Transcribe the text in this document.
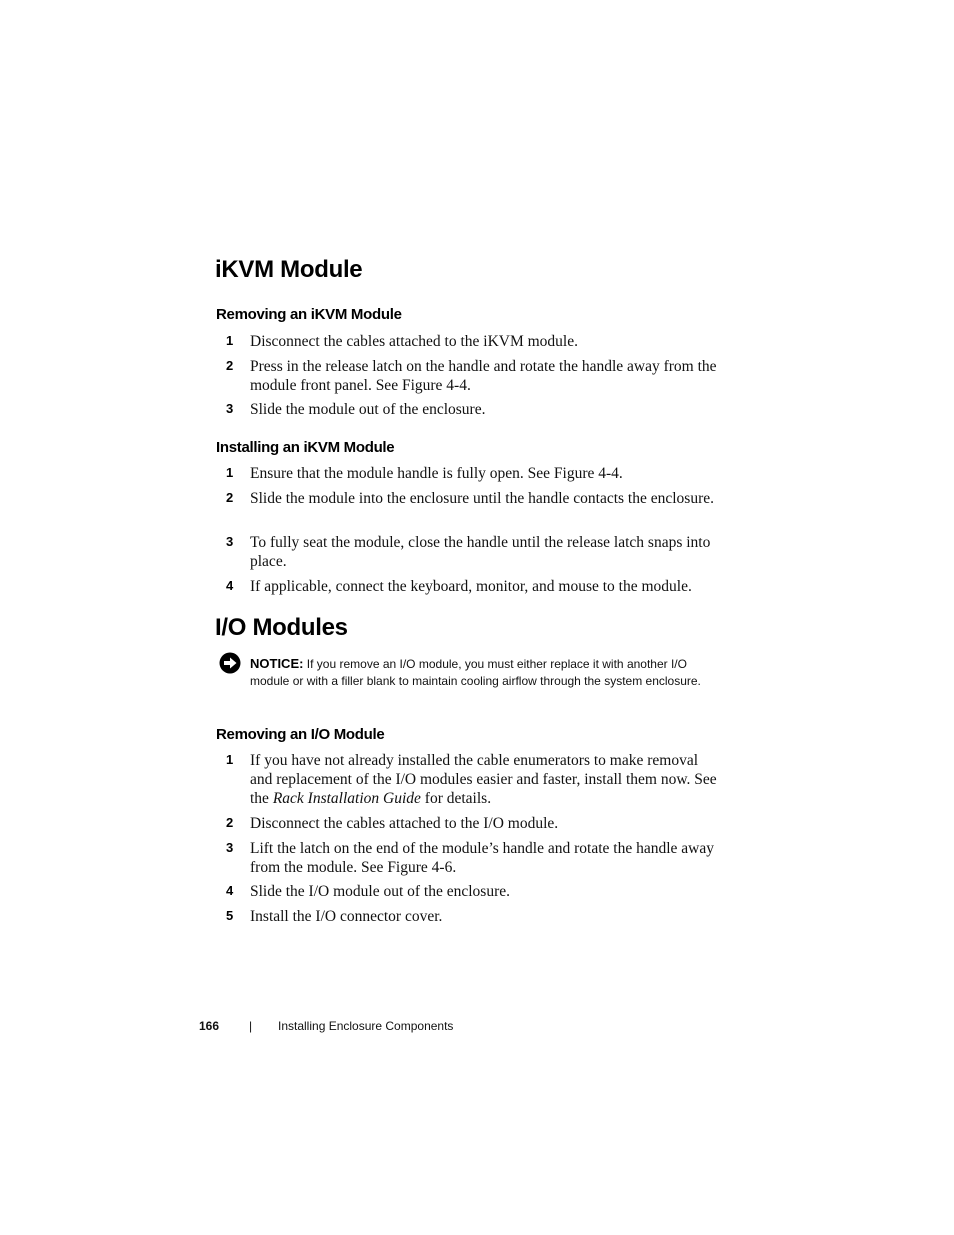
iKVM Module
Removing an iKVM Module
1 Disconnect the cables attached to the iKVM module.
2 Press in the release latch on the handle and rotate the handle away from the module front panel. See Figure 4-4.
3 Slide the module out of the enclosure.
Installing an iKVM Module
1 Ensure that the module handle is fully open. See Figure 4-4.
2 Slide the module into the enclosure until the handle contacts the enclosure.
3 To fully seat the module, close the handle until the release latch snaps into place.
4 If applicable, connect the keyboard, monitor, and mouse to the module.
I/O Modules
NOTICE: If you remove an I/O module, you must either replace it with another I/O module or with a filler blank to maintain cooling airflow through the system enclosure.
Removing an I/O Module
1 If you have not already installed the cable enumerators to make removal and replacement of the I/O modules easier and faster, install them now. See the Rack Installation Guide for details.
2 Disconnect the cables attached to the I/O module.
3 Lift the latch on the end of the module’s handle and rotate the handle away from the module. See Figure 4-6.
4 Slide the I/O module out of the enclosure.
5 Install the I/O connector cover.
166 | Installing Enclosure Components
